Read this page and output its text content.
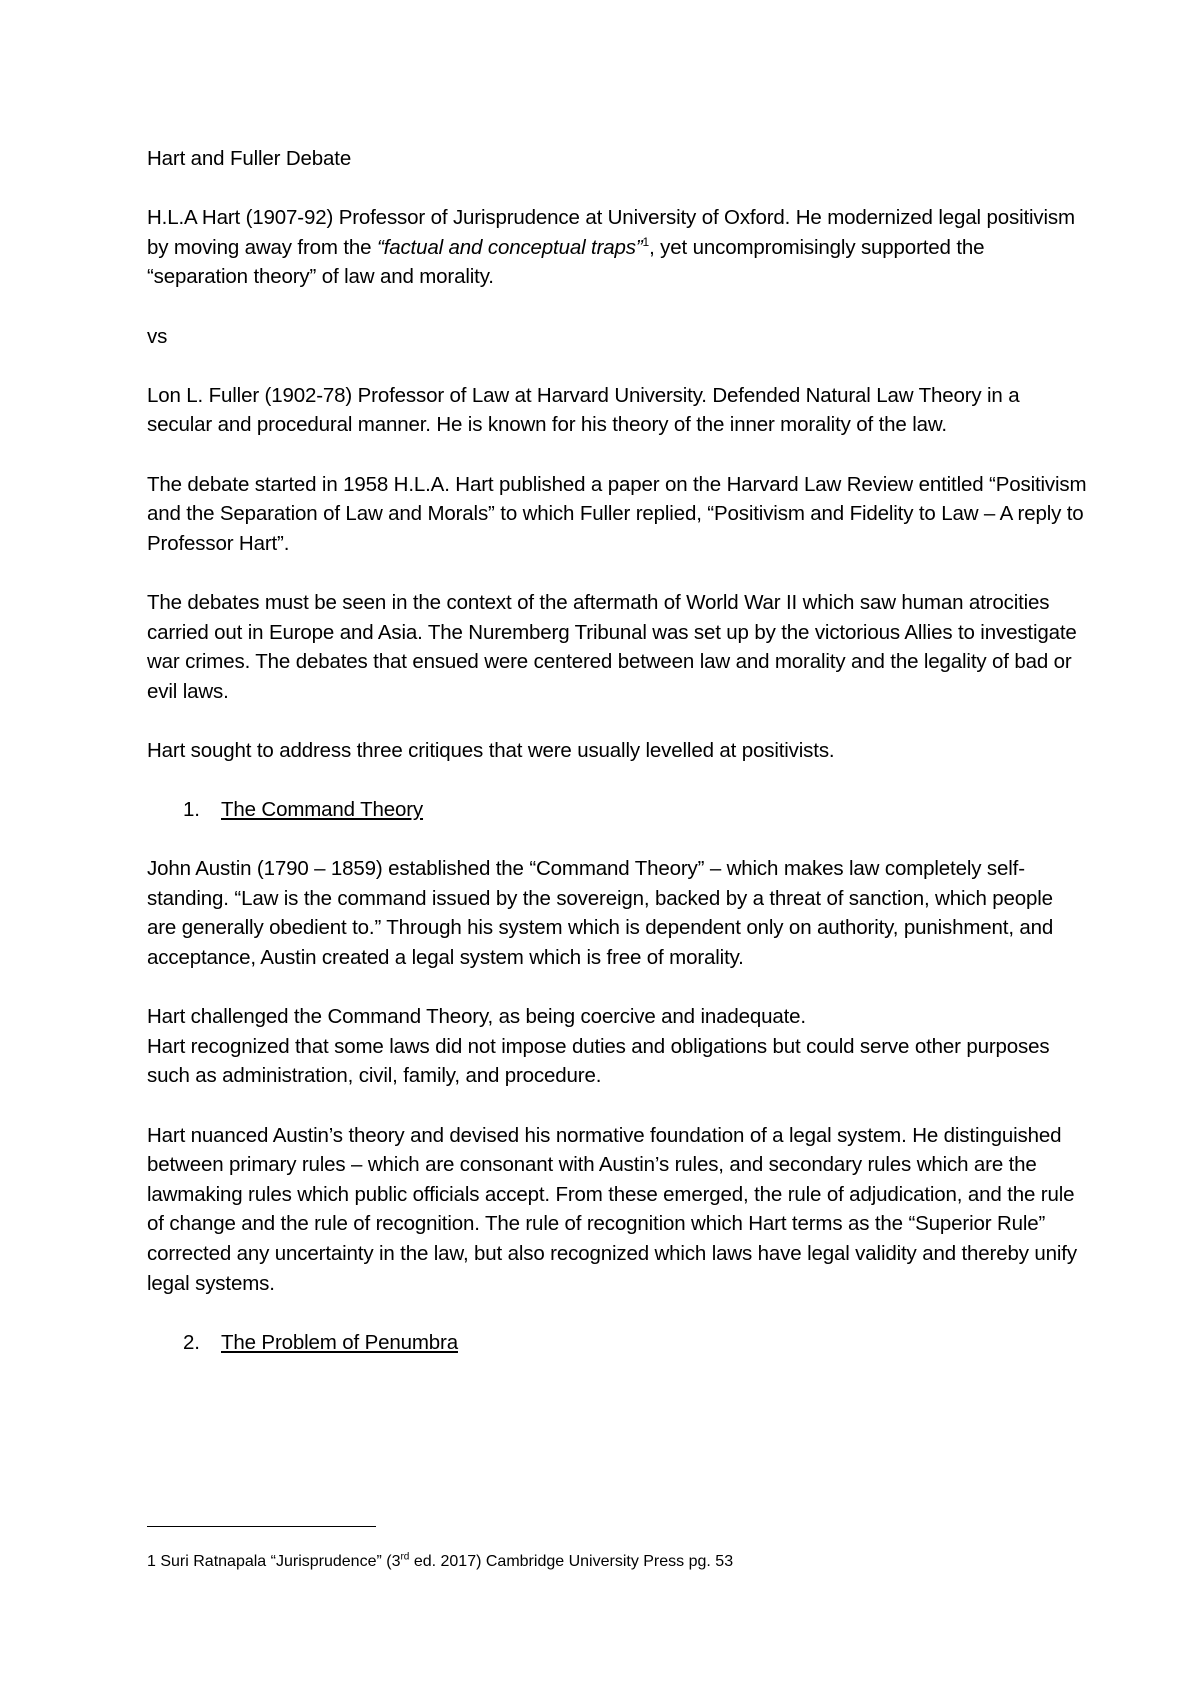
Hart and Fuller Debate

H.L.A Hart (1907-92) Professor of Jurisprudence at University of Oxford. He modernized legal positivism by moving away from the “factual and conceptual traps”$^1$, yet uncompromisingly supported the “separation theory” of law and morality.

vs

Lon L. Fuller (1902-78) Professor of Law at Harvard University. Defended Natural Law Theory in a secular and procedural manner. He is known for his theory of the inner morality of the law.

The debate started in 1958 H.L.A. Hart published a paper on the Harvard Law Review entitled “Positivism and the Separation of Law and Morals” to which Fuller replied, “Positivism and Fidelity to Law – A reply to Professor Hart”.

The debates must be seen in the context of the aftermath of World War II which saw human atrocities carried out in Europe and Asia. The Nuremberg Tribunal was set up by the victorious Allies to investigate war crimes. The debates that ensued were centered between law and morality and the legality of bad or evil laws.

Hart sought to address three critiques that were usually levelled at positivists.

1.	The Command Theory

John Austin (1790 – 1859) established the “Command Theory” – which makes law completely self-standing. “Law is the command issued by the sovereign, backed by a threat of sanction, which people are generally obedient to.” Through his system which is dependent only on authority, punishment, and acceptance, Austin created a legal system which is free of morality.

Hart challenged the Command Theory, as being coercive and inadequate.

Hart recognized that some laws did not impose duties and obligations but could serve other purposes such as administration, civil, family, and procedure.

Hart nuanced Austin’s theory and devised his normative foundation of a legal system. He distinguished between primary rules – which are consonant with Austin’s rules, and secondary rules which are the lawmaking rules which public officials accept. From these emerged, the rule of adjudication, and the rule of change and the rule of recognition. The rule of recognition which Hart terms as the “Superior Rule” corrected any uncertainty in the law, but also recognized which laws have legal validity and thereby unify legal systems.

2.	The Problem of Penumbra

1 Suri Ratnapala “Jurisprudence” (3rd ed. 2017) Cambridge University Press pg. 53
